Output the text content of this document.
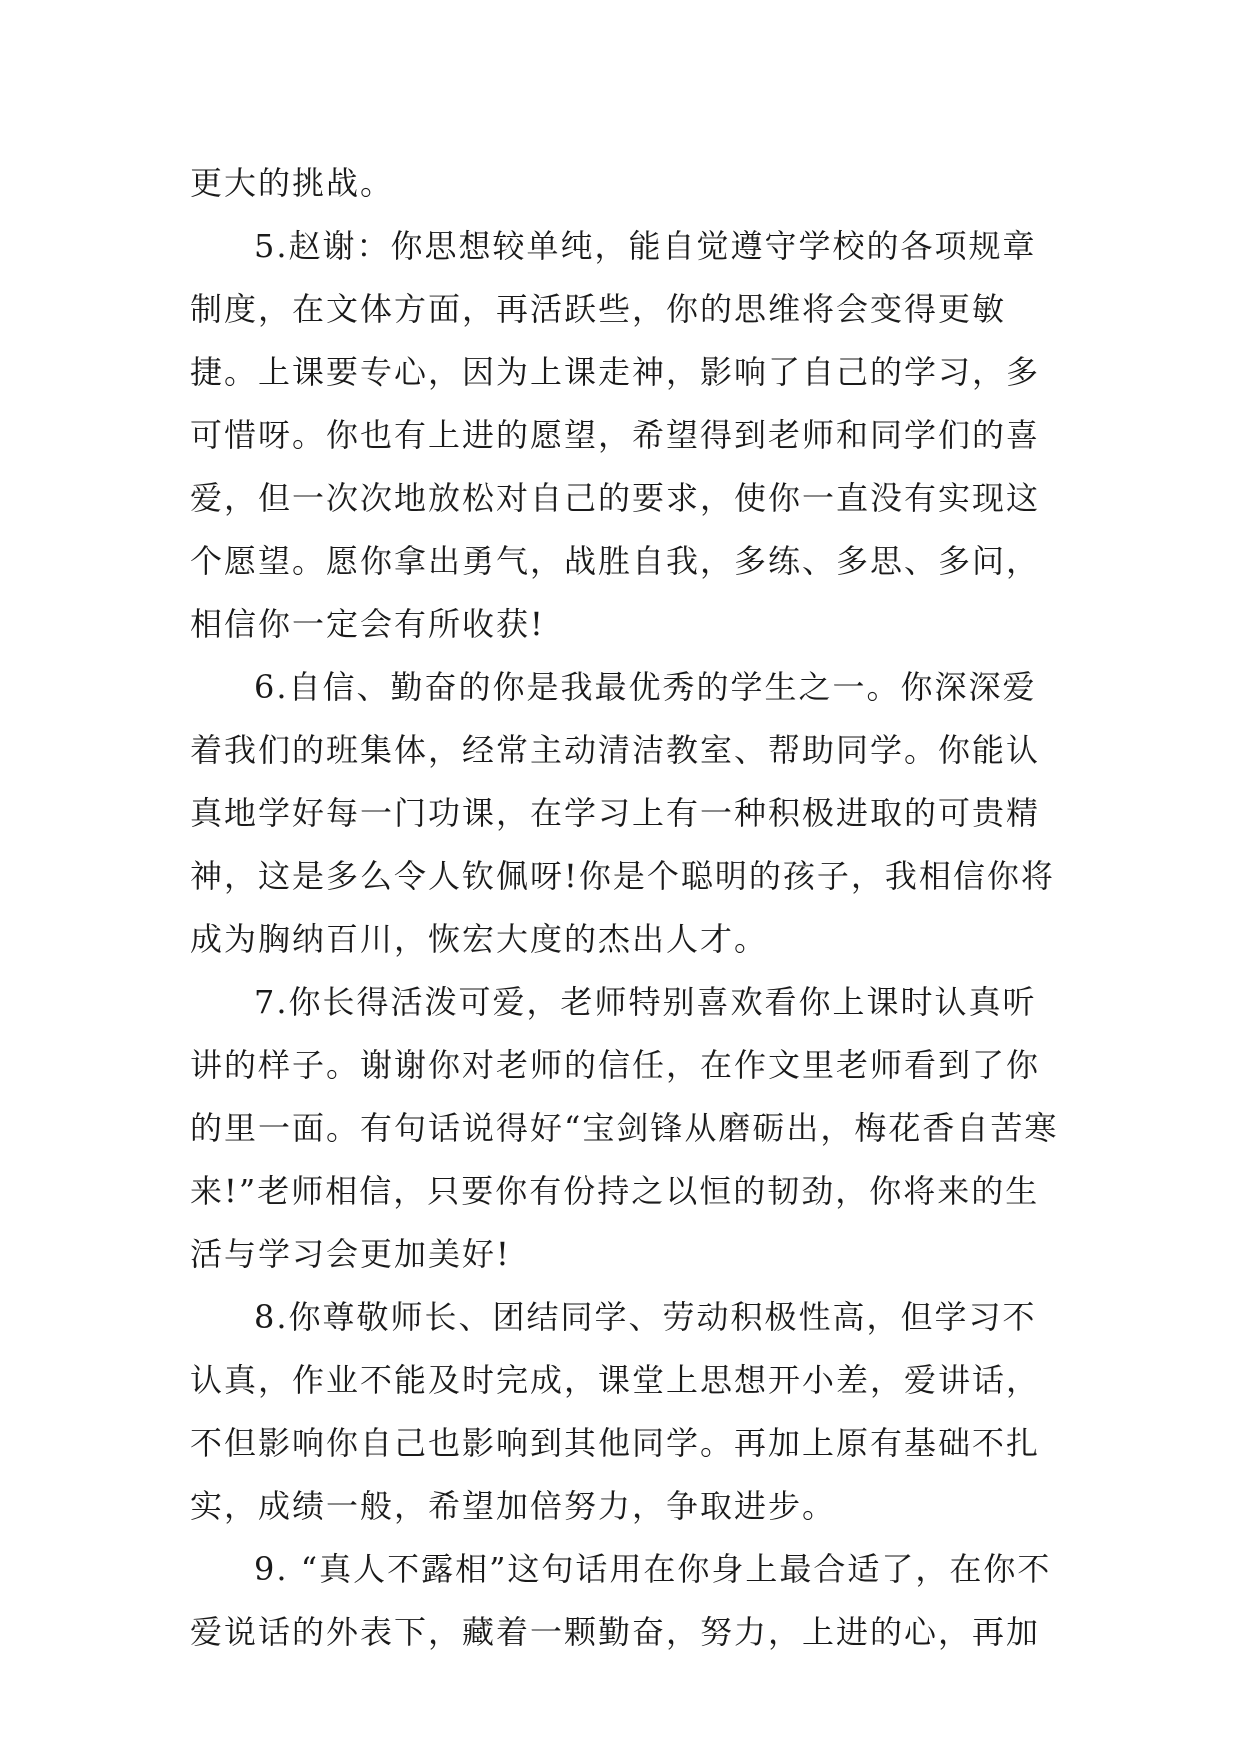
更大的挑战。

5.赵谢：你思想较单纯，能自觉遵守学校的各项规章制度，在文体方面，再活跃些，你的思维将会变得更敏捷。上课要专心，因为上课走神，影响了自己的学习，多可惜呀。你也有上进的愿望，希望得到老师和同学们的喜爱，但一次次地放松对自己的要求，使你一直没有实现这个愿望。愿你拿出勇气，战胜自我，多练、多思、多问，相信你一定会有所收获!

6.自信、勤奋的你是我最优秀的学生之一。你深深爱着我们的班集体，经常主动清洁教室、帮助同学。你能认真地学好每一门功课，在学习上有一种积极进取的可贵精神，这是多么令人钦佩呀!你是个聪明的孩子，我相信你将成为胸纳百川，恢宏大度的杰出人才。

7.你长得活泼可爱，老师特别喜欢看你上课时认真听讲的样子。谢谢你对老师的信任，在作文里老师看到了你的里一面。有句话说得好“宝剑锋从磨砺出，梅花香自苦寒来!”老师相信，只要你有份持之以恒的韧劲，你将来的生活与学习会更加美好!

8.你尊敬师长、团结同学、劳动积极性高，但学习不认真，作业不能及时完成，课堂上思想开小差，爱讲话，不但影响你自己也影响到其他同学。再加上原有基础不扎实，成绩一般，希望加倍努力，争取进步。

9. “真人不露相”这句话用在你身上最合适了，在你不爱说话的外表下，藏着一颗勤奋，努力，上进的心，再加
